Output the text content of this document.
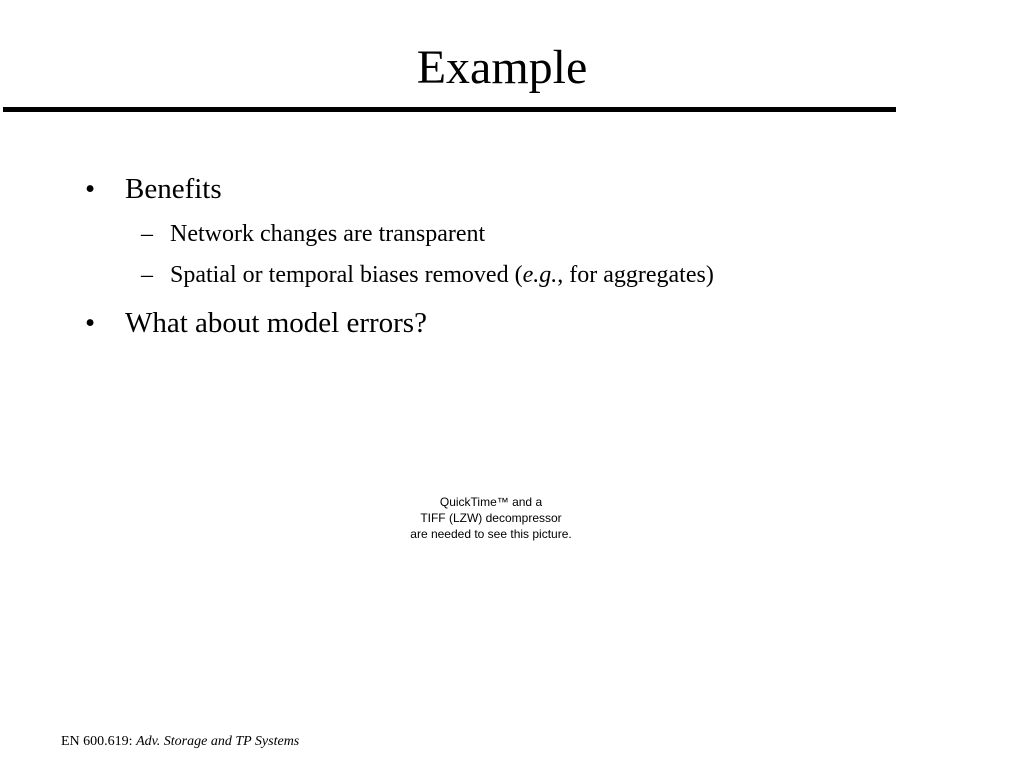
Example
• Benefits
– Network changes are transparent
– Spatial or temporal biases removed (e.g., for aggregates)
• What about model errors?
QuickTime™ and a
TIFF (LZW) decompressor
are needed to see this picture.
EN 600.619: Adv. Storage and TP Systems
